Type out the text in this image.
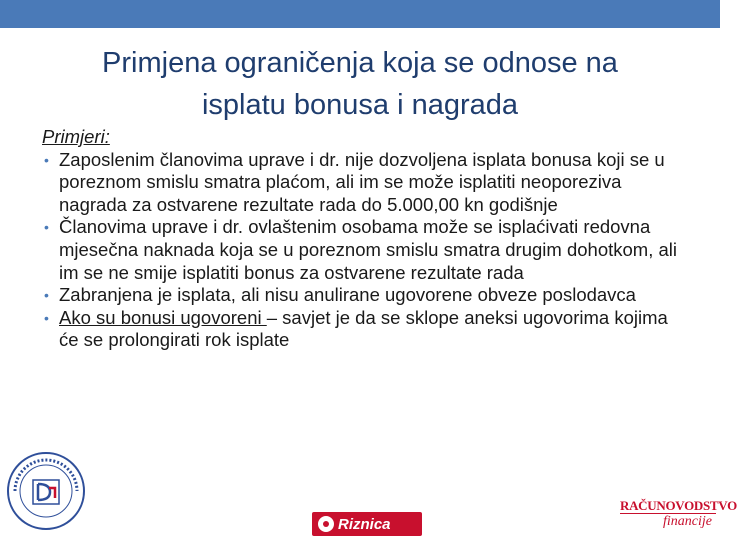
Primjena ograničenja koja se odnose na isplatu bonusa i nagrada
Primjeri:
• Zaposlenim članovima uprave i dr. nije dozvoljena isplata bonusa koji se u poreznom smislu smatra plaćom, ali im se može isplatiti neoporeziva nagrada za ostvarene rezultate rada do 5.000,00 kn godišnje
• Članovima uprave i dr. ovlaštenim osobama može se isplaćivati redovna mjesečna naknada koja se u poreznom smislu smatra drugim dohotkom, ali im se ne smije isplatiti bonus za ostvarene rezultate rada
• Zabranjena je isplata, ali nisu anulirane ugovorene obveze poslodavca
• Ako su bonusi ugovoreni – savjet je da se sklope aneksi ugovorima kojima će se prolongirati rok isplate
Riznica
RAČUNOVODSTVO
financije
